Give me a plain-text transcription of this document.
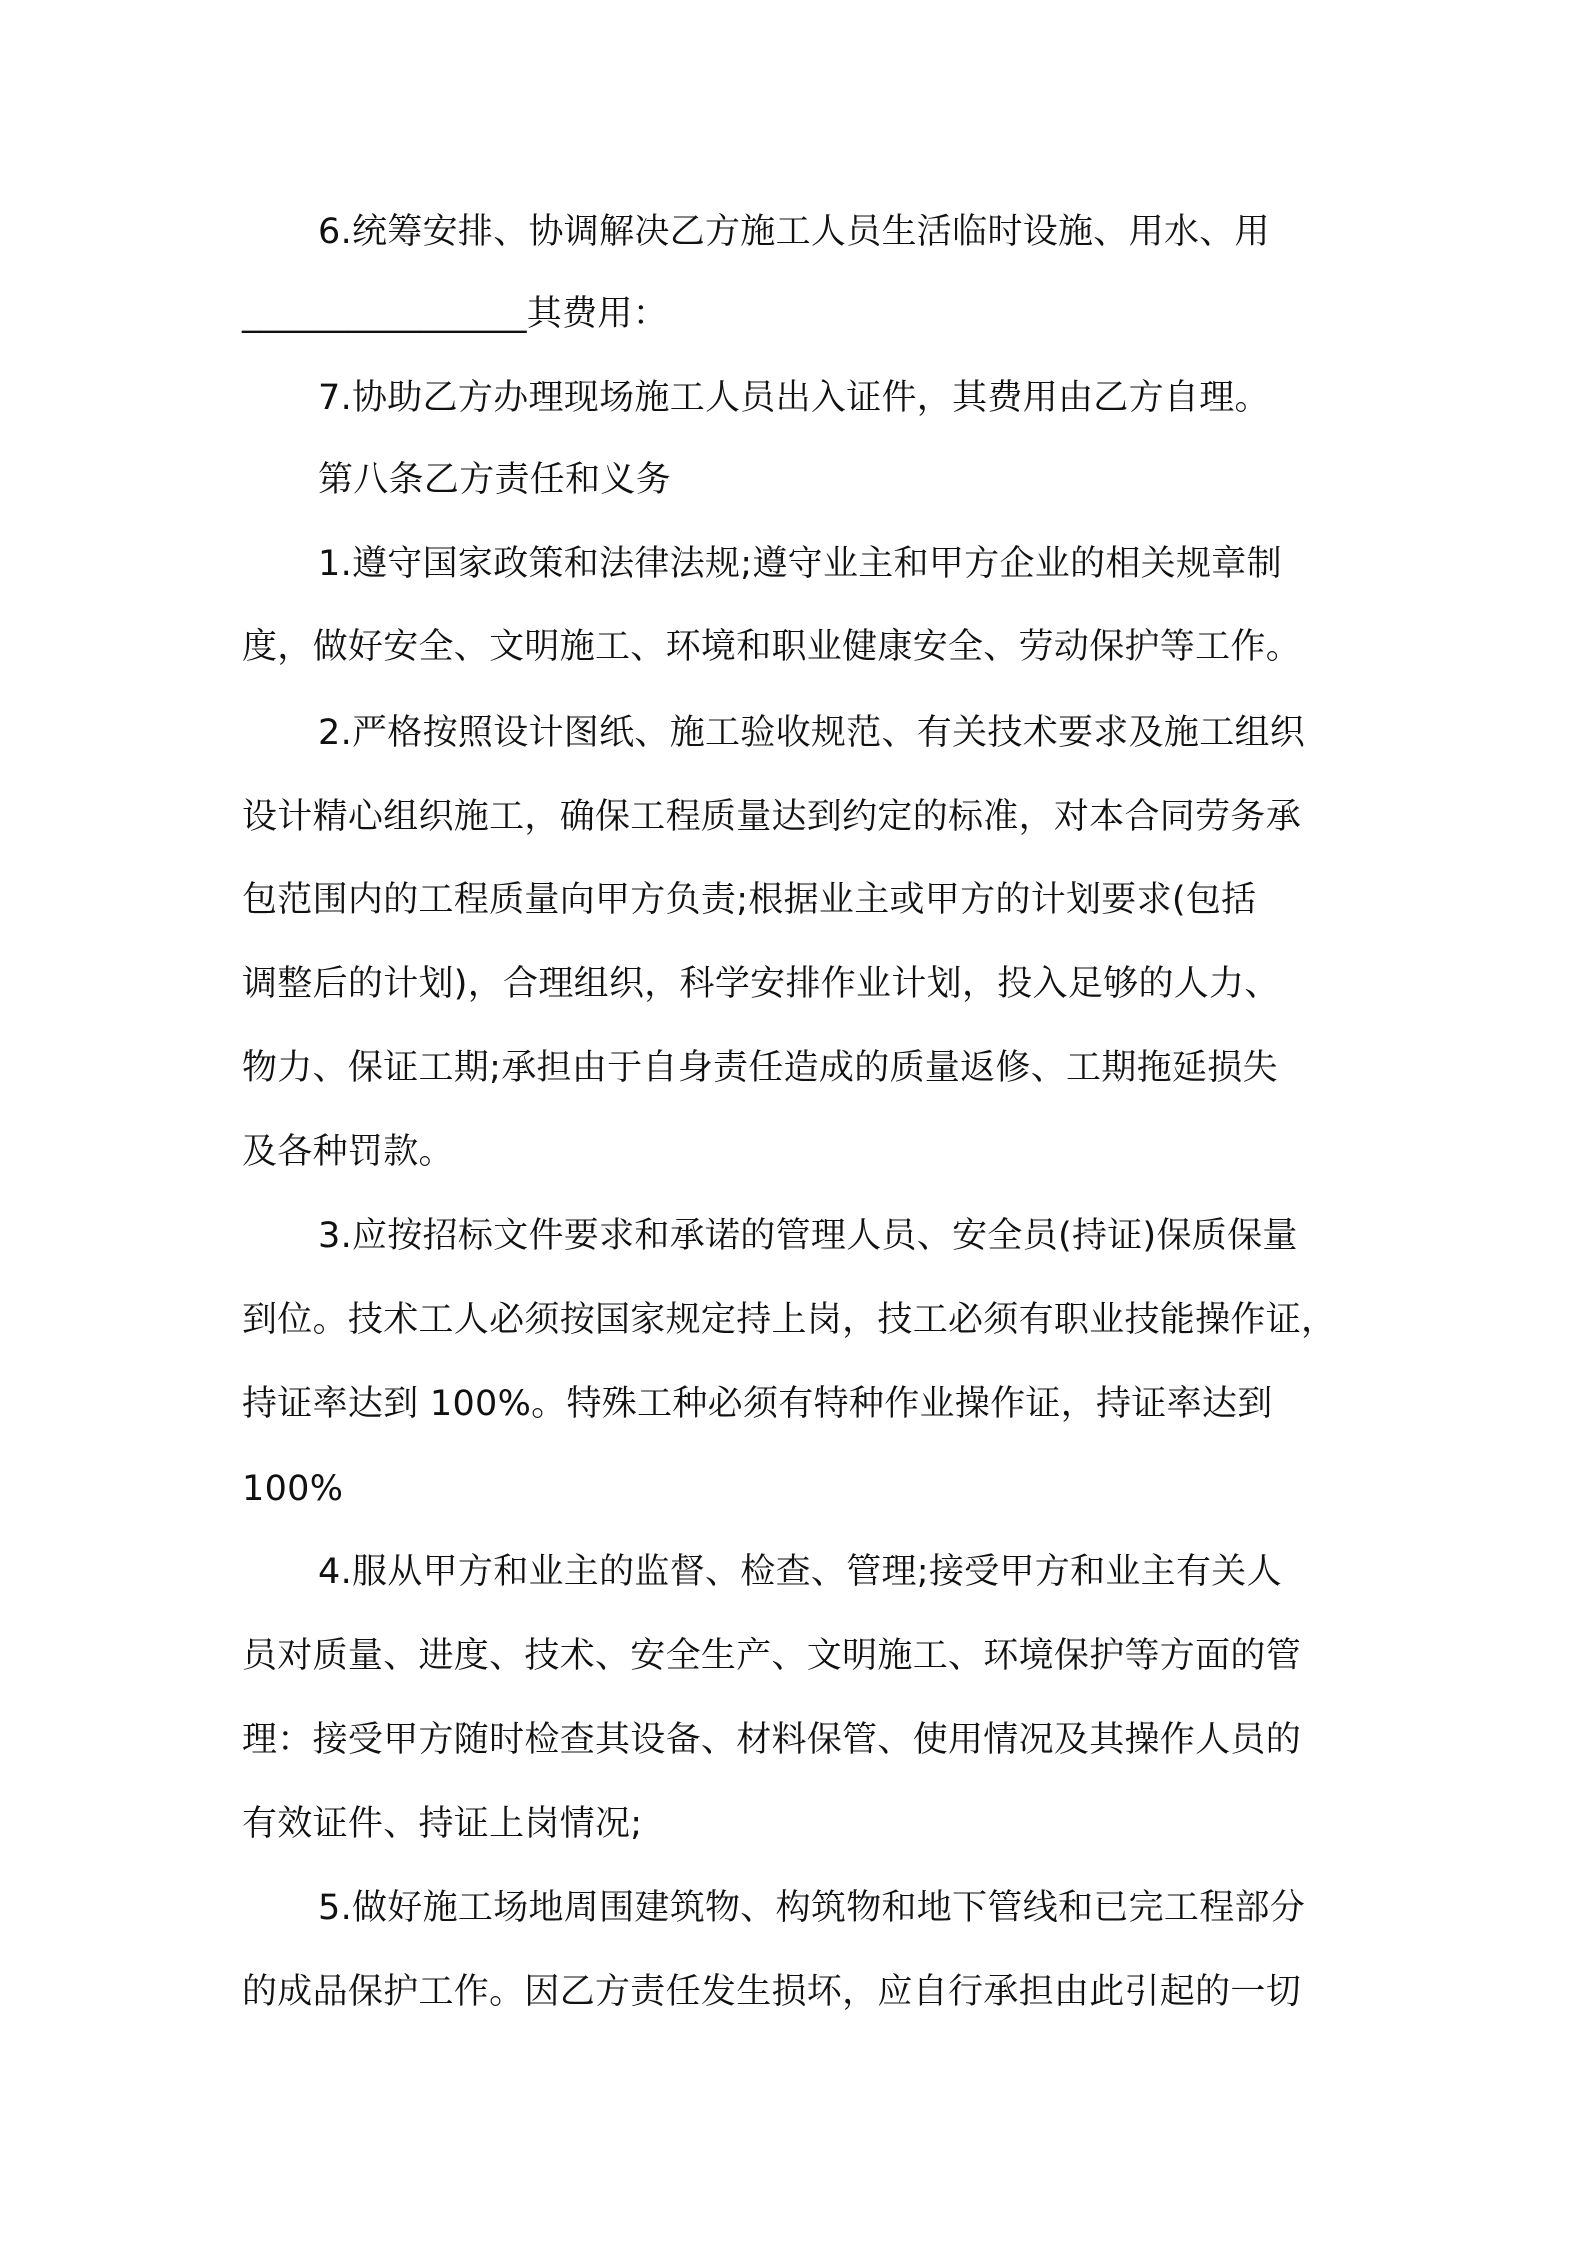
6.统筹安排、协调解决乙方施工人员生活临时设施、用水、用
________________其费用：
7.协助乙方办理现场施工人员出入证件，其费用由乙方自理。
第八条乙方责任和义务
1.遵守国家政策和法律法规;遵守业主和甲方企业的相关规章制
度，做好安全、文明施工、环境和职业健康安全、劳动保护等工作。
2.严格按照设计图纸、施工验收规范、有关技术要求及施工组织
设计精心组织施工，确保工程质量达到约定的标准，对本合同劳务承
包范围内的工程质量向甲方负责;根据业主或甲方的计划要求(包括
调整后的计划)，合理组织，科学安排作业计划，投入足够的人力、
物力、保证工期;承担由于自身责任造成的质量返修、工期拖延损失
及各种罚款。
3.应按招标文件要求和承诺的管理人员、安全员(持证)保质保量
到位。技术工人必须按国家规定持上岗，技工必须有职业技能操作证，
持证率达到 100%。特殊工种必须有特种作业操作证，持证率达到
100%
4.服从甲方和业主的监督、检查、管理;接受甲方和业主有关人
员对质量、进度、技术、安全生产、文明施工、环境保护等方面的管
理：接受甲方随时检查其设备、材料保管、使用情况及其操作人员的
有效证件、持证上岗情况;
5.做好施工场地周围建筑物、构筑物和地下管线和已完工程部分
的成品保护工作。因乙方责任发生损坏，应自行承担由此引起的一切
